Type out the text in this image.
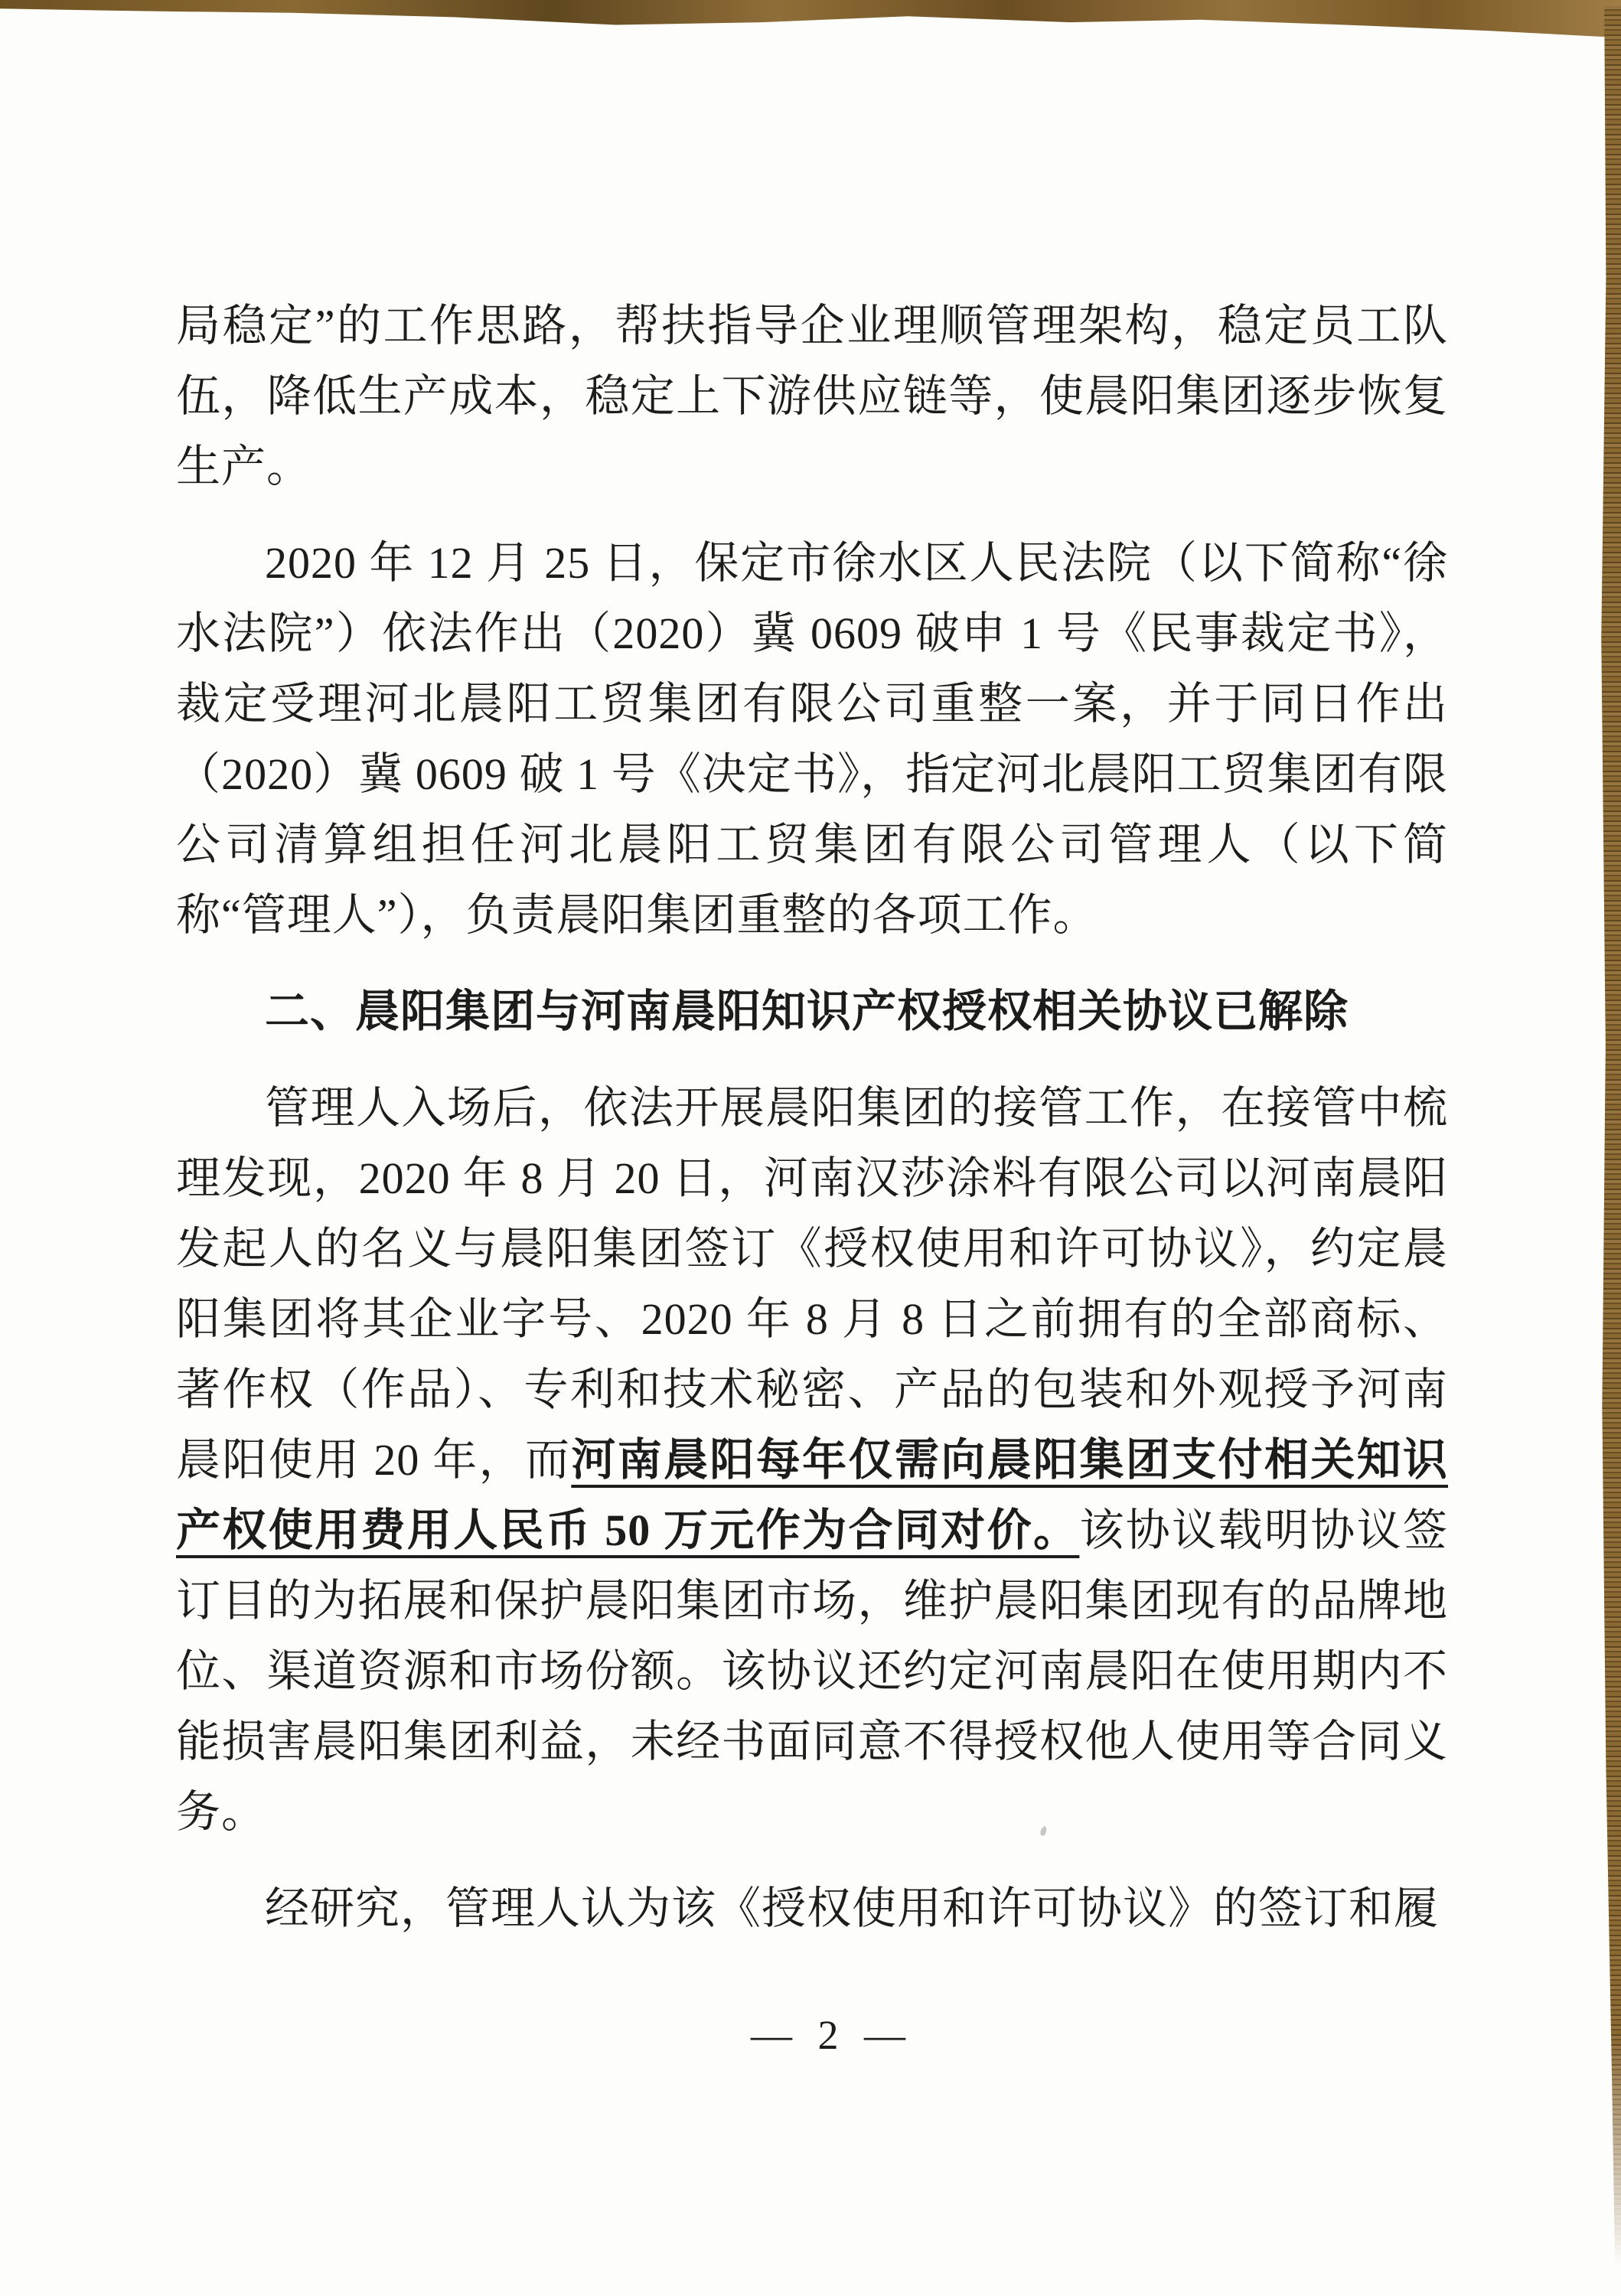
局稳定”的工作思路，帮扶指导企业理顺管理架构，稳定员工队伍，降低生产成本，稳定上下游供应链等，使晨阳集团逐步恢复生产。

2020 年 12 月 25 日，保定市徐水区人民法院（以下简称“徐水法院”）依法作出（2020）冀 0609 破申 1 号《民事裁定书》，裁定受理河北晨阳工贸集团有限公司重整一案，并于同日作出（2020）冀 0609 破 1 号《决定书》，指定河北晨阳工贸集团有限公司清算组担任河北晨阳工贸集团有限公司管理人（以下简称“管理人”），负责晨阳集团重整的各项工作。

二、晨阳集团与河南晨阳知识产权授权相关协议已解除

管理人入场后，依法开展晨阳集团的接管工作，在接管中梳理发现，2020 年 8 月 20 日，河南汉莎涂料有限公司以河南晨阳发起人的名义与晨阳集团签订《授权使用和许可协议》，约定晨阳集团将其企业字号、2020 年 8 月 8 日之前拥有的全部商标、著作权（作品）、专利和技术秘密、产品的包装和外观授予河南晨阳使用 20 年，而河南晨阳每年仅需向晨阳集团支付相关知识产权使用费用人民币 50 万元作为合同对价。该协议载明协议签订目的为拓展和保护晨阳集团市场，维护晨阳集团现有的品牌地位、渠道资源和市场份额。该协议还约定河南晨阳在使用期内不能损害晨阳集团利益，未经书面同意不得授权他人使用等合同义务。

经研究，管理人认为该《授权使用和许可协议》的签订和履

— 2 —
